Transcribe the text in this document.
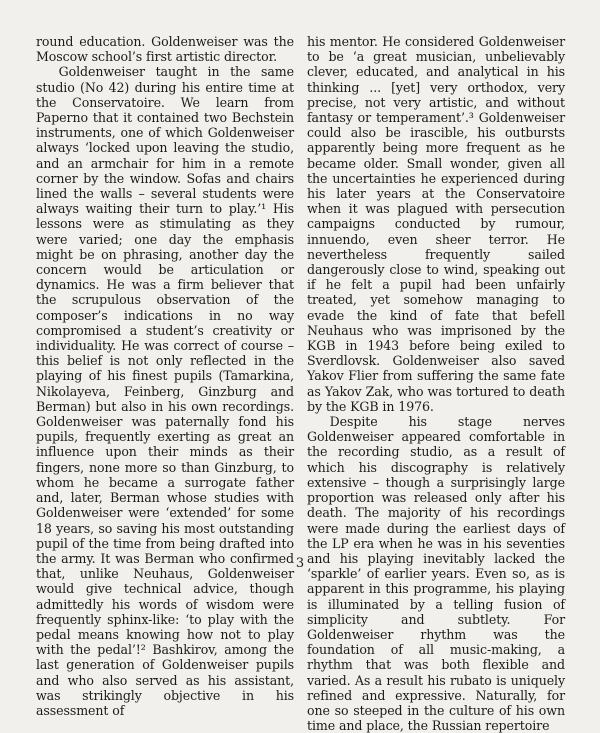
round education. Goldenweiser was the Moscow school’s first artistic director.

Goldenweiser taught in the same studio (No 42) during his entire time at the Conservatoire. We learn from Paperno that it contained two Bechstein instruments, one of which Goldenweiser always ‘locked upon leaving the studio, and an armchair for him in a remote corner by the window. Sofas and chairs lined the walls – several students were always waiting their turn to play.’¹ His lessons were as stimulating as they were varied; one day the emphasis might be on phrasing, another day the concern would be articulation or dynamics. He was a firm believer that the scrupulous observation of the composer’s indications in no way compromised a student’s creativity or individuality. He was correct of course – this belief is not only reflected in the playing of his finest pupils (Tamarkina, Nikolayeva, Feinberg, Ginzburg and Berman) but also in his own recordings. Goldenweiser was paternally fond his pupils, frequently exerting as great an influence upon their minds as their fingers, none more so than Ginzburg, to whom he became a surrogate father and, later, Berman whose studies with Goldenweiser were ‘extended’ for some 18 years, so saving his most outstanding pupil of the time from being drafted into the army. It was Berman who confirmed that, unlike Neuhaus, Goldenweiser would give technical advice, though admittedly his words of wisdom were frequently sphinx-like: ‘to play with the pedal means knowing how not to play with the pedal’!² Bashkirov, among the last generation of Goldenweiser pupils and who also served as his assistant, was strikingly objective in his assessment of

his mentor. He considered Goldenweiser to be ‘a great musician, unbelievably clever, educated, and analytical in his thinking ... [yet] very orthodox, very precise, not very artistic, and without fantasy or temperament’.³ Goldenweiser could also be irascible, his outbursts apparently being more frequent as he became older. Small wonder, given all the uncertainties he experienced during his later years at the Conservatoire when it was plagued with persecution campaigns conducted by rumour, innuendo, even sheer terror. He nevertheless frequently sailed dangerously close to wind, speaking out if he felt a pupil had been unfairly treated, yet somehow managing to evade the kind of fate that befell Neuhaus who was imprisoned by the KGB in 1943 before being exiled to Sverdlovsk. Goldenweiser also saved Yakov Flier from suffering the same fate as Yakov Zak, who was tortured to death by the KGB in 1976.

Despite his stage nerves Goldenweiser appeared comfortable in the recording studio, as a result of which his discography is relatively extensive – though a surprisingly large proportion was released only after his death. The majority of his recordings were made during the earliest days of the LP era when he was in his seventies and his playing inevitably lacked the ‘sparkle’ of earlier years. Even so, as is apparent in this programme, his playing is illuminated by a telling fusion of simplicity and subtlety. For Goldenweiser rhythm was the foundation of all music-making, a rhythm that was both flexible and varied. As a result his rubato is uniquely refined and expressive. Naturally, for one so steeped in the culture of his own time and place, the Russian repertoire

3
